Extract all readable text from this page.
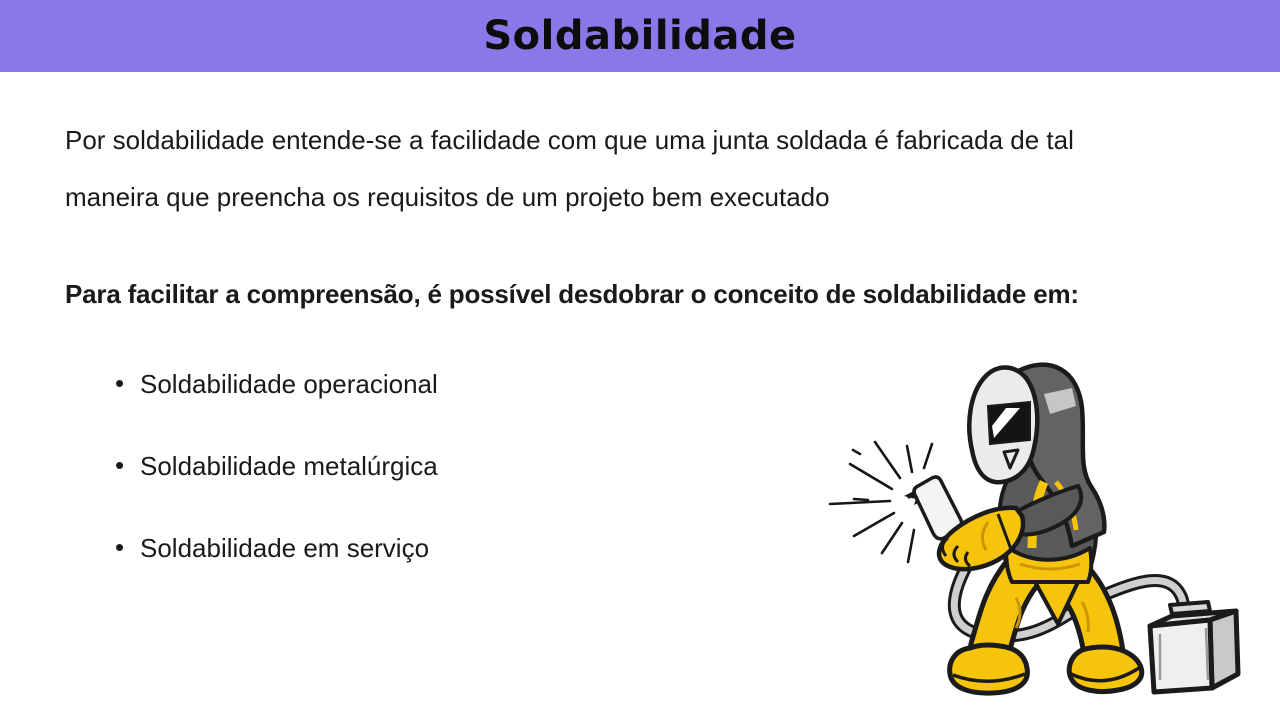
Soldabilidade

Por soldabilidade entende-se a facilidade com que uma junta soldada é fabricada de tal
maneira que preencha os requisitos de um projeto bem executado

Para facilitar a compreensão, é possível desdobrar o conceito de soldabilidade em:

• Soldabilidade operacional
• Soldabilidade metalúrgica
• Soldabilidade em serviço
